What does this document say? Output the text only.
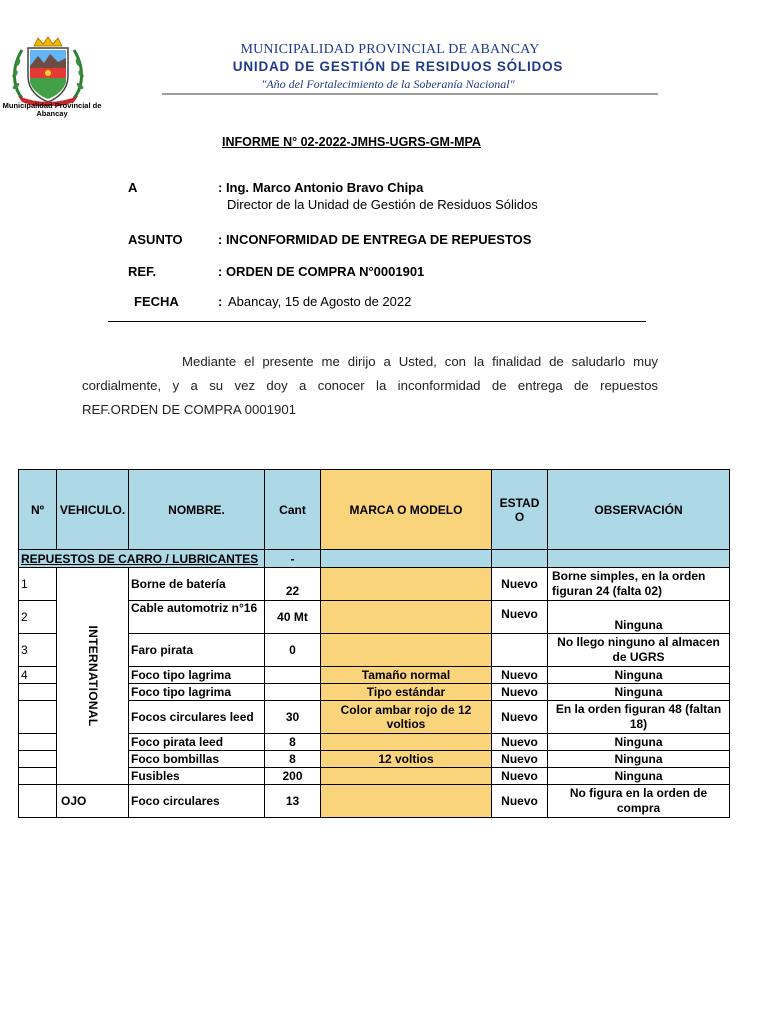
Municipalidad Provincial de Abancay
MUNICIPALIDAD PROVINCIAL DE ABANCAY
UNIDAD DE GESTIÓN DE RESIDUOS SÓLIDOS
"Año del Fortalecimiento de la Soberanía Nacional"
INFORME N° 02-2022-JMHS-UGRS-GM-MPA
A	: Ing. Marco Antonio Bravo Chipa
Director de la Unidad de Gestión de Residuos Sólidos
ASUNTO	: INCONFORMIDAD DE ENTREGA DE REPUESTOS
REF.	: ORDEN DE COMPRA N°0001901
FECHA	: Abancay, 15 de Agosto de 2022
Mediante el presente me dirijo a Usted, con la finalidad de saludarlo muy
cordialmente, y a su vez doy a conocer la inconformidad de entrega de repuestos
REF.ORDEN DE COMPRA 0001901
Nº	VEHICULO.	NOMBRE.	Cant	MARCA O MODELO	ESTAD
O	OBSERVACIÓN
REPUESTOS DE CARRO / LUBRICANTES			-			
1	INTERNATIONAL	Borne de batería	22		Nuevo	Borne simples, en la orden figuran 24 (falta 02)
2		Cable automotriz n°16	40 Mt		Nuevo	Ninguna
3		Faro pirata	0			No llego ninguno al almacen de UGRS
4		Foco tipo lagrima		Tamaño normal	Nuevo	Ninguna
		Foco tipo lagrima		Tipo estándar	Nuevo	Ninguna
		Focos circulares leed	30	Color ambar rojo de 12 voltios	Nuevo	En la orden figuran 48 (faltan 18)
		Foco pirata leed	8		Nuevo	Ninguna
		Foco bombillas	8	12 voltios	Nuevo	Ninguna
		Fusibles	200		Nuevo	Ninguna
	OJO	Foco circulares	13		Nuevo	No figura en la orden de compra
